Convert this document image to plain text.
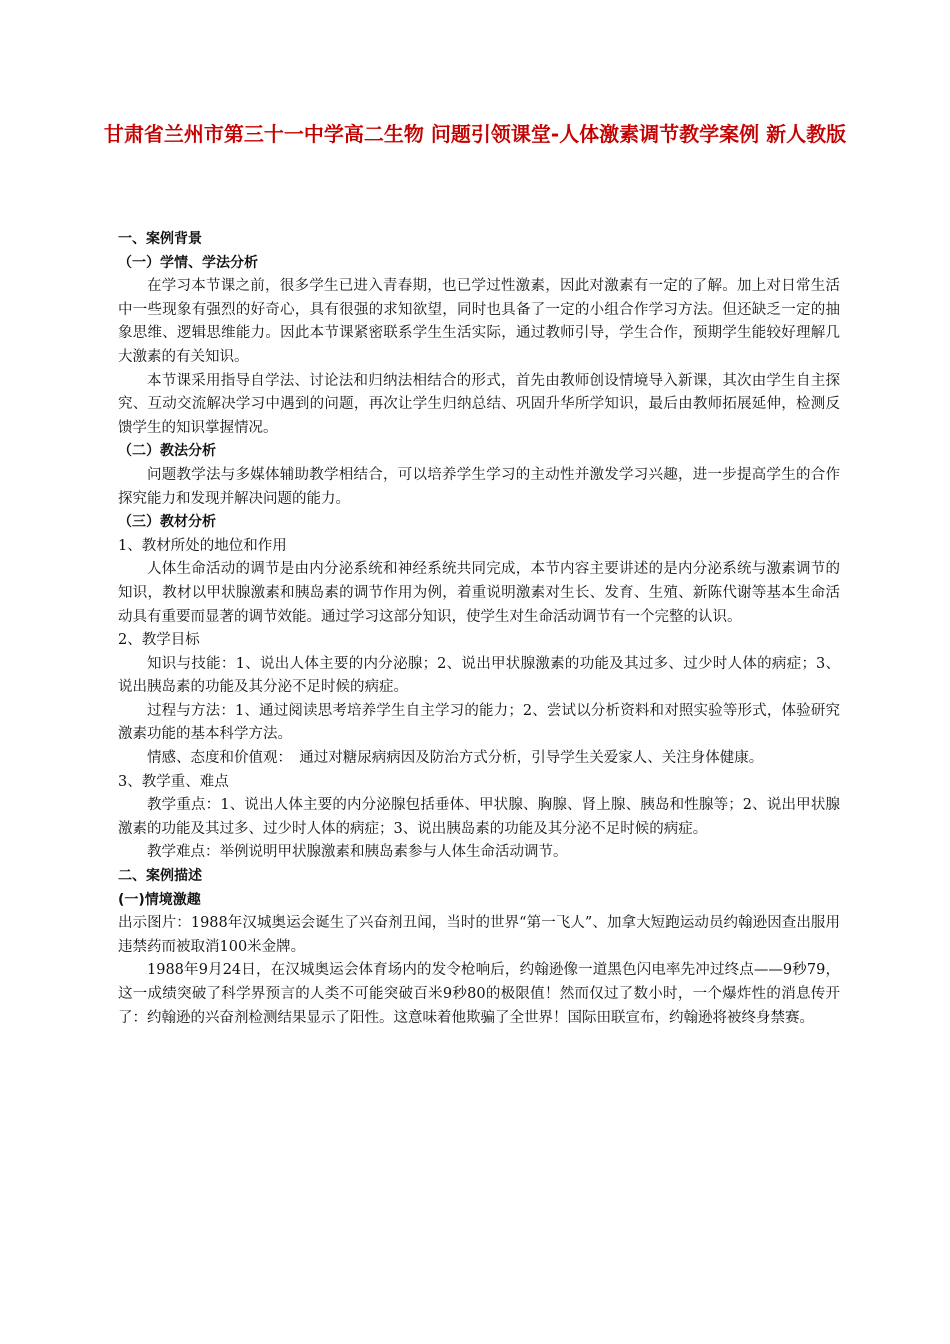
甘肃省兰州市第三十一中学高二生物 问题引领课堂-人体激素调节教学案例 新人教版

一、案例背景

（一）学情、学法分析

在学习本节课之前，很多学生已进入青春期，也已学过性激素，因此对激素有一定的了解。加上对日常生活中一些现象有强烈的好奇心，具有很强的求知欲望，同时也具备了一定的小组合作学习方法。但还缺乏一定的抽象思维、逻辑思维能力。因此本节课紧密联系学生生活实际，通过教师引导，学生合作，预期学生能较好理解几大激素的有关知识。

本节课采用指导自学法、讨论法和归纳法相结合的形式，首先由教师创设情境导入新课，其次由学生自主探究、互动交流解决学习中遇到的问题，再次让学生归纳总结、巩固升华所学知识，最后由教师拓展延伸，检测反馈学生的知识掌握情况。

（二）教法分析

问题教学法与多媒体辅助教学相结合，可以培养学生学习的主动性并激发学习兴趣，进一步提高学生的合作探究能力和发现并解决问题的能力。

（三）教材分析

1、教材所处的地位和作用

人体生命活动的调节是由内分泌系统和神经系统共同完成，本节内容主要讲述的是内分泌系统与激素调节的知识，教材以甲状腺激素和胰岛素的调节作用为例，着重说明激素对生长、发育、生殖、新陈代谢等基本生命活动具有重要而显著的调节效能。通过学习这部分知识，使学生对生命活动调节有一个完整的认识。

2、教学目标

知识与技能：1、说出人体主要的内分泌腺；2、说出甲状腺激素的功能及其过多、过少时人体的病症；3、说出胰岛素的功能及其分泌不足时候的病症。

过程与方法：1、通过阅读思考培养学生自主学习的能力；2、尝试以分析资料和对照实验等形式，体验研究激素功能的基本科学方法。

情感、态度和价值观：　通过对糖尿病病因及防治方式分析，引导学生关爱家人、关注身体健康。

3、教学重、难点

教学重点：1、说出人体主要的内分泌腺包括垂体、甲状腺、胸腺、肾上腺、胰岛和性腺等；2、说出甲状腺激素的功能及其过多、过少时人体的病症；3、说出胰岛素的功能及其分泌不足时候的病症。

教学难点：举例说明甲状腺激素和胰岛素参与人体生命活动调节。

二、案例描述

(一)情境激趣

出示图片：1988年汉城奥运会诞生了兴奋剂丑闻，当时的世界“第一飞人”、加拿大短跑运动员约翰逊因查出服用违禁药而被取消100米金牌。

1988年9月24日，在汉城奥运会体育场内的发令枪响后，约翰逊像一道黑色闪电率先冲过终点——9秒79，这一成绩突破了科学界预言的人类不可能突破百米9秒80的极限值！然而仅过了数小时，一个爆炸性的消息传开了：约翰逊的兴奋剂检测结果显示了阳性。这意味着他欺骗了全世界！国际田联宣布，约翰逊将被终身禁赛。
